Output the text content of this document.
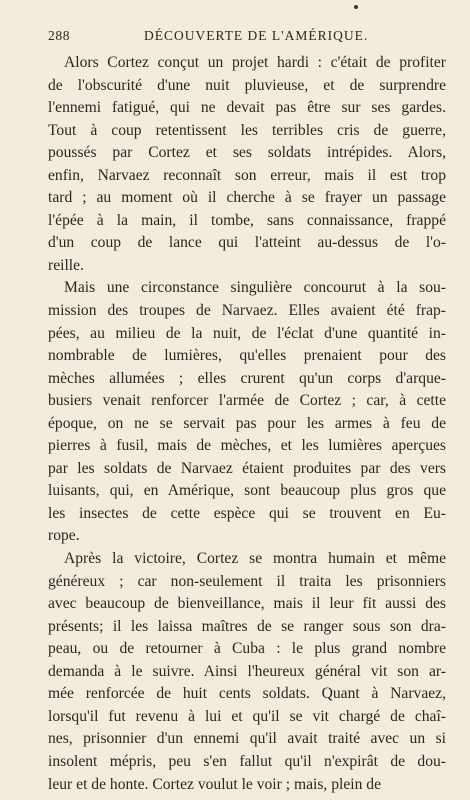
288	DÉCOUVERTE DE L'AMÉRIQUE.
Alors Cortez conçut un projet hardi : c'était de profiter
de l'obscurité d'une nuit pluvieuse, et de surprendre
l'ennemi fatigué, qui ne devait pas être sur ses gardes.
Tout à coup retentissent les terribles cris de guerre,
poussés par Cortez et ses soldats intrépides. Alors,
enfin, Narvaez reconnaît son erreur, mais il est trop
tard ; au moment où il cherche à se frayer un passage
l'épée à la main, il tombe, sans connaissance, frappé
d'un coup de lance qui l'atteint au-dessus de l'o-
reille.
Mais une circonstance singulière concourut à la sou-
mission des troupes de Narvaez. Elles avaient été frap-
pées, au milieu de la nuit, de l'éclat d'une quantité in-
nombrable de lumières, qu'elles prenaient pour des
mèches allumées ; elles crurent qu'un corps d'arque-
busiers venait renforcer l'armée de Cortez ; car, à cette
époque, on ne se servait pas pour les armes à feu de
pierres à fusil, mais de mèches, et les lumières aperçues
par les soldats de Narvaez étaient produites par des vers
luisants, qui, en Amérique, sont beaucoup plus gros que
les insectes de cette espèce qui se trouvent en Eu-
rope.
Après la victoire, Cortez se montra humain et même
généreux ; car non-seulement il traita les prisonniers
avec beaucoup de bienveillance, mais il leur fit aussi des
présents; il les laissa maîtres de se ranger sous son dra-
peau, ou de retourner à Cuba : le plus grand nombre
demanda à le suivre. Ainsi l'heureux général vit son ar-
mée renforcée de huit cents soldats. Quant à Narvaez,
lorsqu'il fut revenu à lui et qu'il se vit chargé de chaî-
nes, prisonnier d'un ennemi qu'il avait traité avec un si
insolent mépris, peu s'en fallut qu'il n'expirât de dou-
leur et de honte. Cortez voulut le voir ; mais, plein de
